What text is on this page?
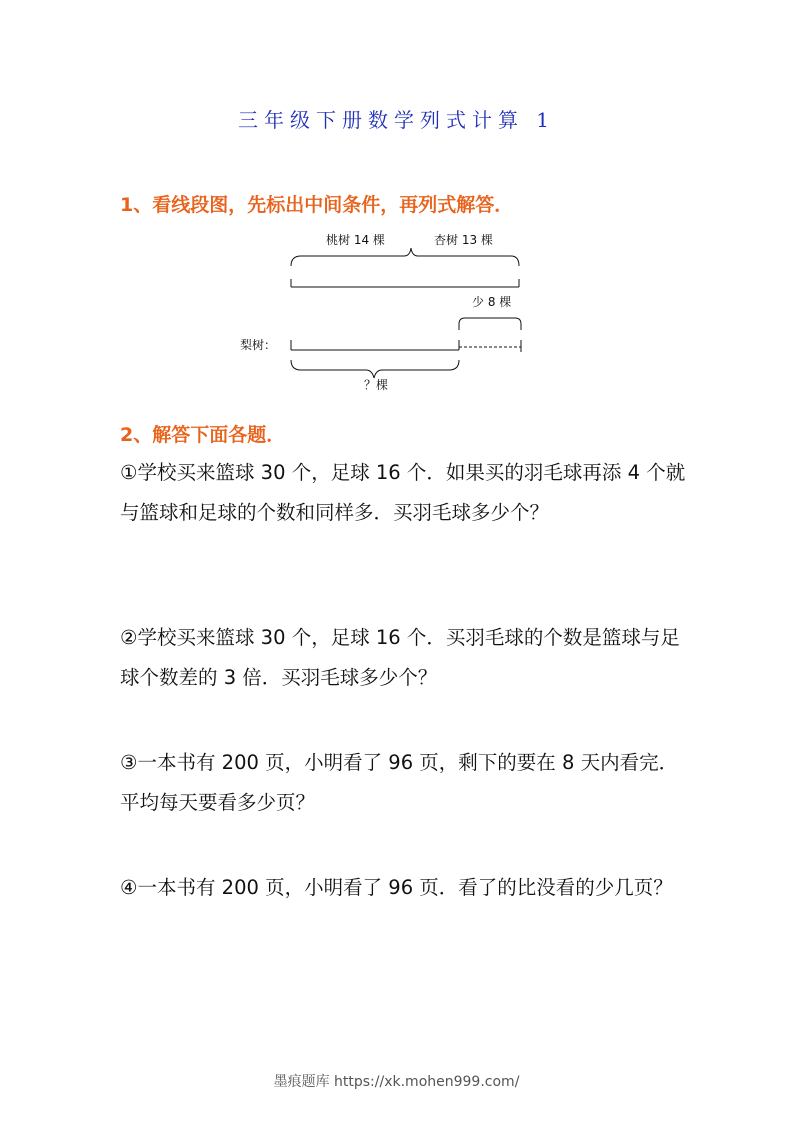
三年级下册数学列式计算 1
1、看线段图，先标出中间条件，再列式解答．
桃树 14 棵	杏树 13 棵
少 8 棵
梨树：
？棵
2、解答下面各题．
①学校买来篮球 30 个，足球 16 个．如果买的羽毛球再添 4 个就与篮球和足球的个数和同样多．买羽毛球多少个？
②学校买来篮球 30 个，足球 16 个．买羽毛球的个数是篮球与足球个数差的 3 倍．买羽毛球多少个？
③一本书有 200 页，小明看了 96 页，剩下的要在 8 天内看完．平均每天要看多少页？
④一本书有 200 页，小明看了 96 页．看了的比没看的少几页？
墨痕题库 https://xk.mohen999.com/
